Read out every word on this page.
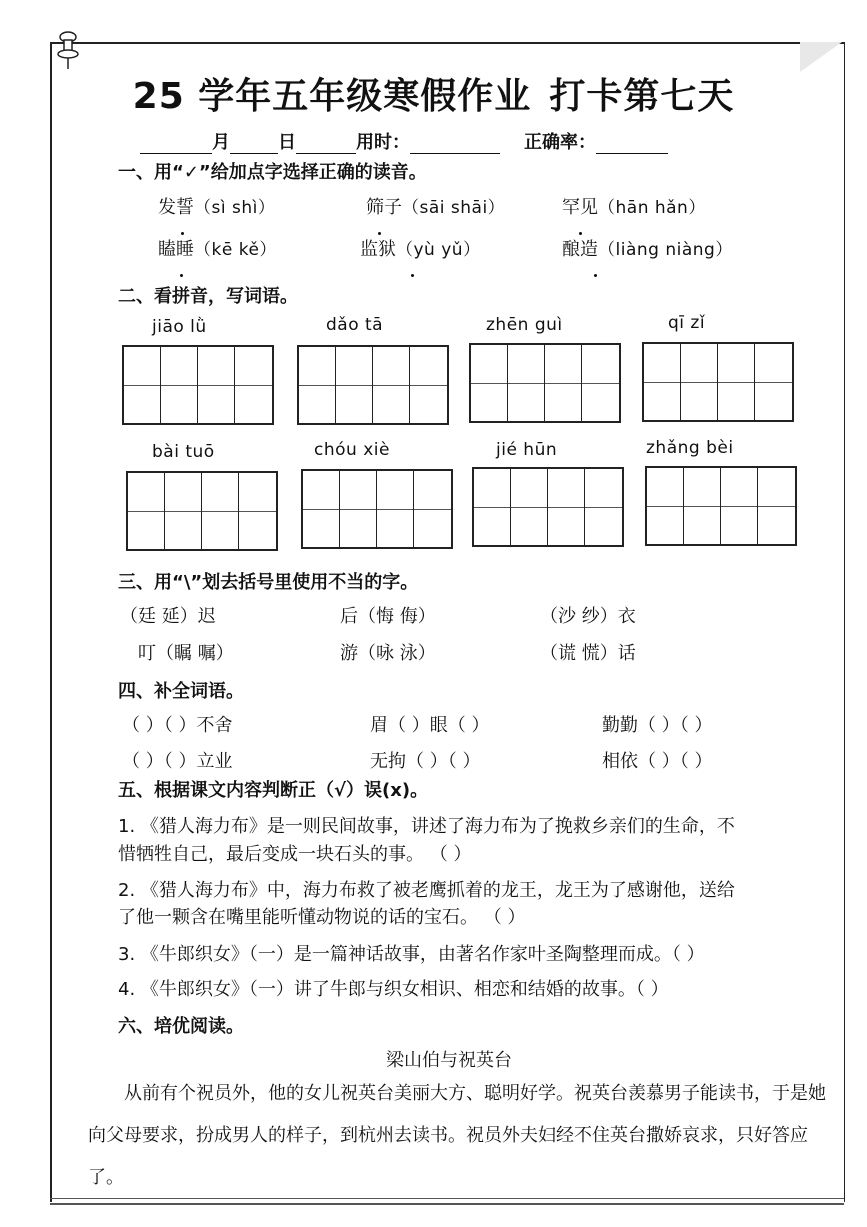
25 学年五年级寒假作业 打卡第七天
月	日	用时：	正确率：
一、用“✓”给加点字选择正确的读音。
发誓（sì shì）	筛子（sāi shāi）	罕见（hān hǎn）
瞌睡（kē kě）	监狱（yù yǔ）	酿造（liàng niàng）

二、看拼音，写词语。
jiāo lǜ	dǎo tā	zhēn guì	qī zǐ
bài tuō	chóu xiè	jié hūn	zhǎng bèi
三、用“\”划去括号里使用不当的字。
（廷 延）迟	后（悔 侮）	（沙 纱）衣
叮（瞩 嘱）	游（咏 泳）	（谎 慌）话
四、补全词语。
（ ）（ ）不舍	眉（ ）眼（ ）	勤勤（ ）（ ）
（ ）（ ）立业	无拘（ ）（ ）	相依（ ）（ ）
五、根据课文内容判断正（√）误(x)。
1. 《猎人海力布》是一则民间故事，讲述了海力布为了挽救乡亲们的生命，不
惜牺牲自己，最后变成一块石头的事。 （ ）
2. 《猎人海力布》中，海力布救了被老鹰抓着的龙王，龙王为了感谢他，送给
了他一颗含在嘴里能听懂动物说的话的宝石。 （ ）
3. 《牛郎织女》（一）是一篇神话故事，由著名作家叶圣陶整理而成。（ ）
4. 《牛郎织女》（一）讲了牛郎与织女相识、相恋和结婚的故事。（ ）
六、培优阅读。
梁山伯与祝英台
从前有个祝员外，他的女儿祝英台美丽大方、聪明好学。祝英台羡慕男子能读书，于是她向父母要求，扮成男人的样子，到杭州去读书。祝员外夫妇经不住英台撒娇哀求，只好答应了。
